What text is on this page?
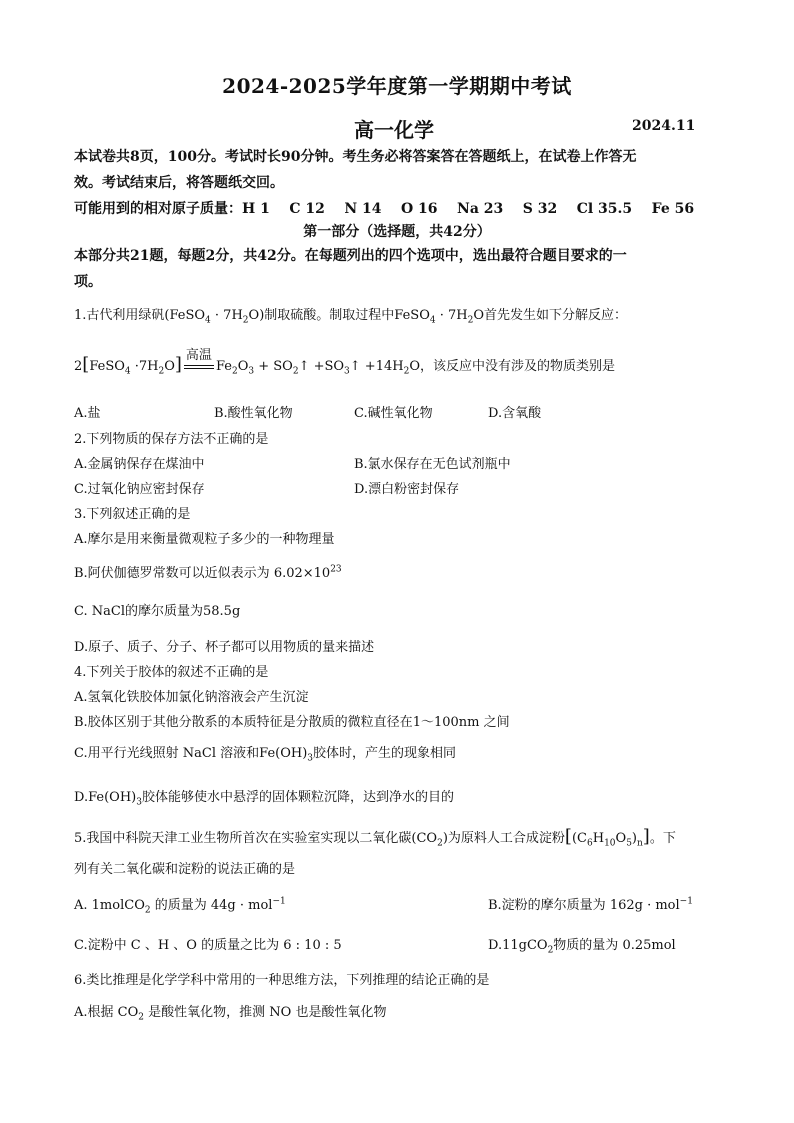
2024-2025学年度第一学期期中考试
高一化学	2024.11
本试卷共8页，100分。考试时长90分钟。考生务必将答案答在答题纸上，在试卷上作答无
效。考试结束后，将答题纸交回。
可能用到的相对原子质量：H 1    C 12    N 14    O 16    Na 23    S 32    Cl 35.5    Fe 56
第一部分（选择题，共42分）
本部分共21题，每题2分，共42分。在每题列出的四个选项中，选出最符合题目要求的一
项。
1.古代利用绿矾(FeSO$_4$ · $7H_2O$)制取硫酸。制取过程中FeSO$_4$ · $7H_2O$首先发生如下分解反应：
2[FeSO$_4$ $\cdot 7H_2O$] 高温
$Fe_2O_3$ + $SO_2↑$ $+SO_3↑ +14H_2O$，该反应中没有涉及的物质类别是
A.盐	B.酸性氧化物	C.碱性氧化物	D.含氧酸
2.下列物质的保存方法不正确的是
A.金属钠保存在煤油中	B.氯水保存在无色试剂瓶中
C.过氧化钠应密封保存	D.漂白粉密封保存
3.下列叙述正确的是
A.摩尔是用来衡量微观粒子多少的一种物理量
B.阿伏伽德罗常数可以近似表示为 $6.02\times 10^{23}$
C. NaCl的摩尔质量为58.5g
D.原子、质子、分子、杯子都可以用物质的量来描述
4.下列关于胶体的叙述不正确的是
A.氢氧化铁胶体加氯化钠溶液会产生沉淀
B.胶体区别于其他分散系的本质特征是分散质的微粒直径在1～100nm 之间
C.用平行光线照射 NaCl 溶液和$Fe(OH)_3$胶体时，产生的现象相同
$D.Fe(OH)_3$胶体能够使水中悬浮的固体颗粒沉降，达到净水的目的
5.我国中科院天津工业生物所首次在实验室实现以二氧化碳$(CO_2)$为原料人工合成淀粉$[(C_6H_{10}O_5)_n]$。下
列有关二氧化碳和淀粉的说法正确的是
A. 1molCO$_2$ 的质量为 44g · mol$^{-1}$	B.淀粉的摩尔质量为 162g · mol$^{-1}$
C.淀粉中 C 、H 、O 的质量之比为 6 : 10 : 5	D.11gCO$_2$物质的量为 0.25mol
6.类比推理是化学学科中常用的一种思维方法，下列推理的结论正确的是
A.根据 $CO_2$ 是酸性氧化物，推测 NO 也是酸性氧化物
